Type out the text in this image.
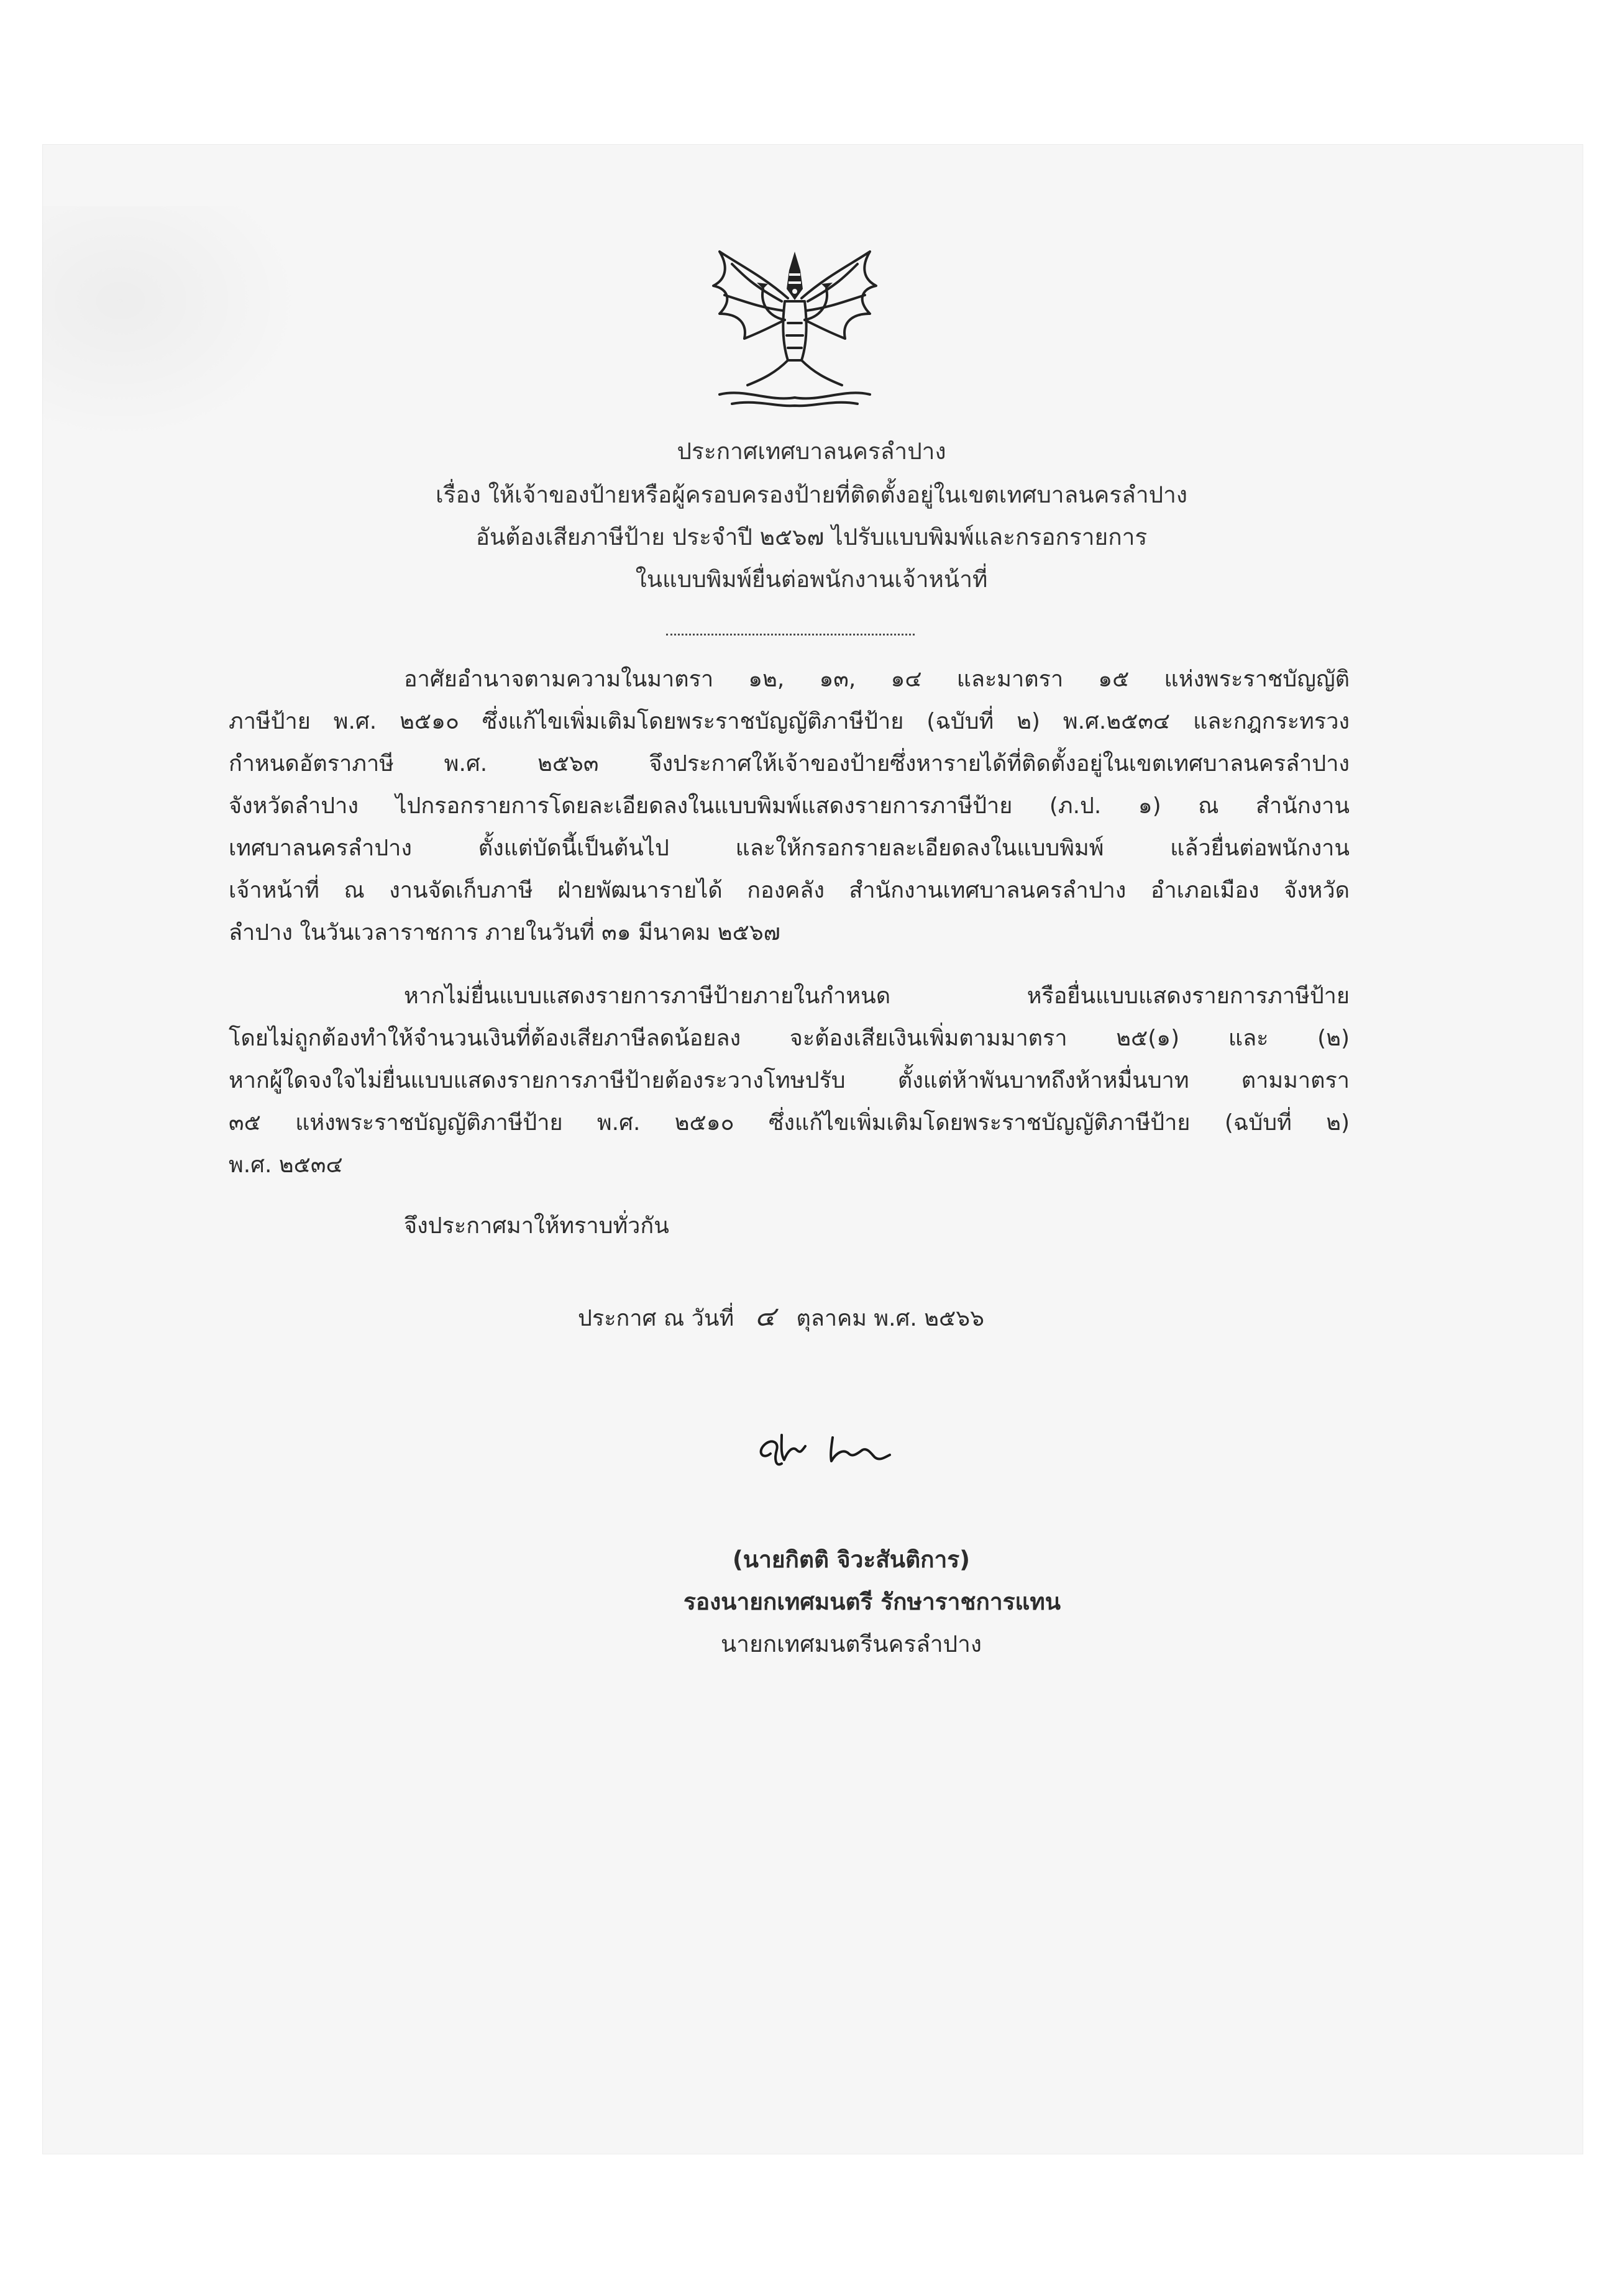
ประกาศเทศบาลนครลำปาง
เรื่อง ให้เจ้าของป้ายหรือผู้ครอบครองป้ายที่ติดตั้งอยู่ในเขตเทศบาลนครลำปาง
อันต้องเสียภาษีป้าย ประจำปี ๒๕๖๗ ไปรับแบบพิมพ์และกรอกรายการ
ในแบบพิมพ์ยื่นต่อพนักงานเจ้าหน้าที่
อาศัยอำนาจตามความในมาตรา ๑๒, ๑๓, ๑๔ และมาตรา ๑๕ แห่งพระราชบัญญัติ
ภาษีป้าย พ.ศ. ๒๕๑๐ ซึ่งแก้ไขเพิ่มเติมโดยพระราชบัญญัติภาษีป้าย (ฉบับที่ ๒) พ.ศ.๒๕๓๔ และกฎกระทรวง
กำหนดอัตราภาษี พ.ศ. ๒๕๖๓ จึงประกาศให้เจ้าของป้ายซึ่งหารายได้ที่ติดตั้งอยู่ในเขตเทศบาลนครลำปาง
จังหวัดลำปาง ไปกรอกรายการโดยละเอียดลงในแบบพิมพ์แสดงรายการภาษีป้าย (ภ.ป. ๑) ณ สำนักงาน
เทศบาลนครลำปาง ตั้งแต่บัดนี้เป็นต้นไป และให้กรอกรายละเอียดลงในแบบพิมพ์ แล้วยื่นต่อพนักงาน
เจ้าหน้าที่ ณ งานจัดเก็บภาษี ฝ่ายพัฒนารายได้ กองคลัง สำนักงานเทศบาลนครลำปาง อำเภอเมือง จังหวัด
ลำปาง ในวันเวลาราชการ ภายในวันที่ ๓๑ มีนาคม ๒๕๖๗
หากไม่ยื่นแบบแสดงรายการภาษีป้ายภายในกำหนด หรือยื่นแบบแสดงรายการภาษีป้าย
โดยไม่ถูกต้องทำให้จำนวนเงินที่ต้องเสียภาษีลดน้อยลง จะต้องเสียเงินเพิ่มตามมาตรา ๒๕(๑) และ (๒)
หากผู้ใดจงใจไม่ยื่นแบบแสดงรายการภาษีป้ายต้องระวางโทษปรับ ตั้งแต่ห้าพันบาทถึงห้าหมื่นบาท ตามมาตรา
๓๕ แห่งพระราชบัญญัติภาษีป้าย พ.ศ. ๒๕๑๐ ซึ่งแก้ไขเพิ่มเติมโดยพระราชบัญญัติภาษีป้าย (ฉบับที่ ๒)
พ.ศ. ๒๕๓๔
จึงประกาศมาให้ทราบทั่วกัน
ประกาศ ณ วันที่ ๔ ตุลาคม พ.ศ. ๒๕๖๖
(นายกิตติ จิวะสันติการ)
รองนายกเทศมนตรี รักษาราชการแทน
นายกเทศมนตรีนครลำปาง
